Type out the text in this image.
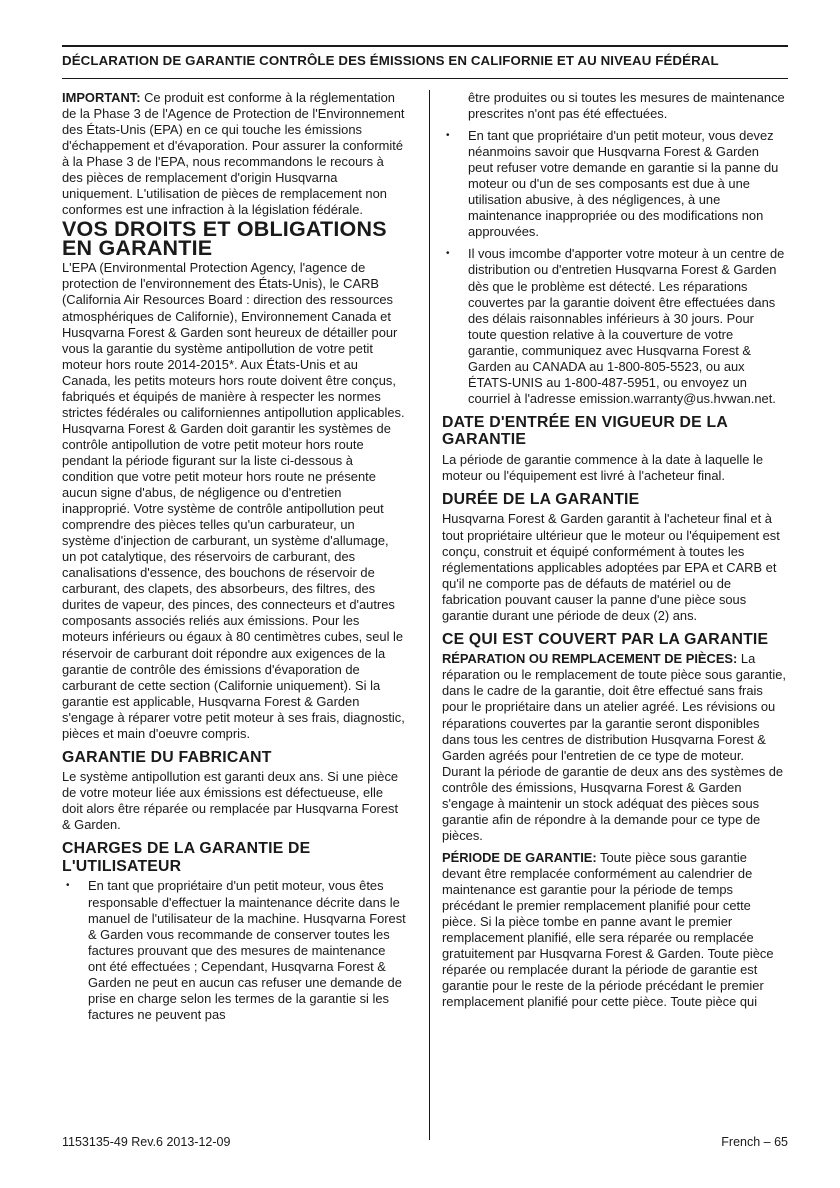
DÉCLARATION DE GARANTIE CONTRÔLE DES ÉMISSIONS EN CALIFORNIE ET AU NIVEAU FÉDÉRAL

IMPORTANT: Ce produit est conforme à la réglementation de la Phase 3 de l'Agence de Protection de l'Environnement des États-Unis (EPA) en ce qui touche les émissions d'échappement et d'évaporation. Pour assurer la conformité à la Phase 3 de l'EPA, nous recommandons le recours à des pièces de remplacement d'origin Husqvarna uniquement. L'utilisation de pièces de remplacement non conformes est une infraction à la législation fédérale.

VOS DROITS ET OBLIGATIONS EN GARANTIE

L'EPA (Environmental Protection Agency, l'agence de protection de l'environnement des États-Unis), le CARB (California Air Resources Board : direction des ressources atmosphériques de Californie), Environnement Canada et Husqvarna Forest & Garden sont heureux de détailler pour vous la garantie du système antipollution de votre petit moteur hors route 2014-2015*. Aux États-Unis et au Canada, les petits moteurs hors route doivent être conçus, fabriqués et équipés de manière à respecter les normes strictes fédérales ou californiennes antipollution applicables. Husqvarna Forest & Garden doit garantir les systèmes de contrôle antipollution de votre petit moteur hors route pendant la période figurant sur la liste ci-dessous à condition que votre petit moteur hors route ne présente aucun signe d'abus, de négligence ou d'entretien inapproprié. Votre système de contrôle antipollution peut comprendre des pièces telles qu'un carburateur, un système d'injection de carburant, un système d'allumage, un pot catalytique, des réservoirs de carburant, des canalisations d'essence, des bouchons de réservoir de carburant, des clapets, des absorbeurs, des filtres, des durites de vapeur, des pinces, des connecteurs et d'autres composants associés reliés aux émissions. Pour les moteurs inférieurs ou égaux à 80 centimètres cubes, seul le réservoir de carburant doit répondre aux exigences de la garantie de contrôle des émissions d'évaporation de carburant de cette section (Californie uniquement). Si la garantie est applicable, Husqvarna Forest & Garden s'engage à réparer votre petit moteur à ses frais, diagnostic, pièces et main d'oeuvre compris.

GARANTIE DU FABRICANT

Le système antipollution est garanti deux ans. Si une pièce de votre moteur liée aux émissions est défectueuse, elle doit alors être réparée ou remplacée par Husqvarna Forest & Garden.

CHARGES DE LA GARANTIE DE L'UTILISATEUR
• En tant que propriétaire d'un petit moteur, vous êtes responsable d'effectuer la maintenance décrite dans le manuel de l'utilisateur de la machine. Husqvarna Forest & Garden vous recommande de conserver toutes les factures prouvant que des mesures de maintenance ont été effectuées ; Cependant, Husqvarna Forest & Garden ne peut en aucun cas refuser une demande de prise en charge selon les termes de la garantie si les factures ne peuvent pas

être produites ou si toutes les mesures de maintenance prescrites n'ont pas été effectuées.

• En tant que propriétaire d'un petit moteur, vous devez néanmoins savoir que Husqvarna Forest & Garden peut refuser votre demande en garantie si la panne du moteur ou d'un de ses composants est due à une utilisation abusive, à des négligences, à une maintenance inappropriée ou des modifications non approuvées.
• Il vous imcombe d'apporter votre moteur à un centre de distribution ou d'entretien Husqvarna Forest & Garden dès que le problème est détecté. Les réparations couvertes par la garantie doivent être effectuées dans des délais raisonnables inférieurs à 30 jours. Pour toute question relative à la couverture de votre garantie, communiquez avec Husqvarna Forest & Garden au CANADA au 1-800-805-5523, ou aux ÉTATS-UNIS au 1-800-487-5951, ou envoyez un courriel à l'adresse emission.warranty@us.hvwan.net.
DATE D'ENTRÉE EN VIGUEUR DE LA GARANTIE

La période de garantie commence à la date à laquelle le moteur ou l'équipement est livré à l'acheteur final.

DURÉE DE LA GARANTIE

Husqvarna Forest & Garden garantit à l'acheteur final et à tout propriétaire ultérieur que le moteur ou l'équipement est conçu, construit et équipé conformément à toutes les réglementations applicables adoptées par EPA et CARB et qu'il ne comporte pas de défauts de matériel ou de fabrication pouvant causer la panne d'une pièce sous garantie durant une période de deux (2) ans.

CE QUI EST COUVERT PAR LA GARANTIE

RÉPARATION OU REMPLACEMENT DE PIÈCES: La réparation ou le remplacement de toute pièce sous garantie, dans le cadre de la garantie, doit être effectué sans frais pour le propriétaire dans un atelier agréé. Les révisions ou réparations couvertes par la garantie seront disponibles dans tous les centres de distribution Husqvarna Forest & Garden agréés pour l'entretien de ce type de moteur. Durant la période de garantie de deux ans des systèmes de contrôle des émissions, Husqvarna Forest & Garden s'engage à maintenir un stock adéquat des pièces sous garantie afin de répondre à la demande pour ce type de pièces.

PÉRIODE DE GARANTIE: Toute pièce sous garantie devant être remplacée conformément au calendrier de maintenance est garantie pour la période de temps précédant le premier remplacement planifié pour cette pièce. Si la pièce tombe en panne avant le premier remplacement planifié, elle sera réparée ou remplacée gratuitement par Husqvarna Forest & Garden. Toute pièce réparée ou remplacée durant la période de garantie est garantie pour le reste de la période précédant le premier remplacement planifié pour cette pièce. Toute pièce qui

1153135-49 Rev.6 2013-12-09	French – 65
